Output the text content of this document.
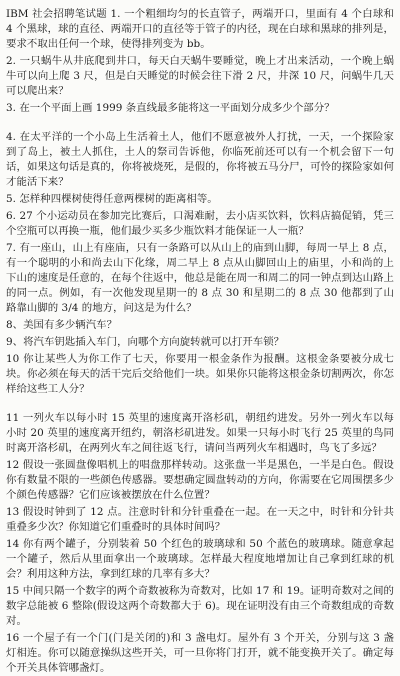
IBM 社会招聘笔试题 1. 一个粗细均匀的长直管子，两端开口，里面有 4 个白球和 4 个黑球，球的直径、两端开口的直径等于管子的内径，现在白球和黑球的排列是，要求不取出任何一个球，使得排列变为 bb。

2. 一只蜗牛从井底爬到井口，每天白天蜗牛要睡觉，晚上才出来活动，一个晚上蜗牛可以向上爬 3 尺，但是白天睡觉的时候会往下滑 2 尺，井深 10 尺，问蜗牛几天可以爬出来？

3. 在一个平面上画 1999 条直线最多能将这一平面划分成多少个部分？

4. 在太平洋的一个小岛上生活着土人，他们不愿意被外人打扰，一天，一个探险家到了岛上，被土人抓住，土人的祭司告诉他，你临死前还可以有一个机会留下一句话，如果这句话是真的，你将被烧死，是假的，你将被五马分尸，可怜的探险家如何才能活下来？

5. 怎样种四棵树使得任意两棵树的距离相等。

6. 27 个小运动员在参加完比赛后，口渴难耐，去小店买饮料，饮料店搞促销，凭三个空瓶可以再换一瓶，他们最少买多少瓶饮料才能保证一人一瓶？

7. 有一座山，山上有座庙，只有一条路可以从山上的庙到山脚，每周一早上 8 点，有一个聪明的小和尚去山下化缘，周二早上 8 点从山脚回山上的庙里，小和尚的上下山的速度是任意的，在每个往返中，他总是能在周一和周二的同一钟点到达山路上的同一点。例如，有一次他发现星期一的 8 点 30 和星期二的 8 点 30 他都到了山路靠山脚的 3/4 的地方，问这是为什么？

8、美国有多少辆汽车？

9、将汽车钥匙插入车门，向哪个方向旋转就可以打开车锁？

10 你让某些人为你工作了七天，你要用一根金条作为报酬。这根金条要被分成七块。你必须在每天的活干完后交给他们一块。如果你只能将这根金条切割两次，你怎样给这些工人分？

11 一列火车以每小时 15 英里的速度离开洛杉矶，朝纽约进发。另外一列火车以每小时 20 英里的速度离开纽约，朝洛杉矶进发。如果一只每小时飞行 25 英里的鸟同时离开洛杉矶，在两列火车之间往返飞行，请问当两列火车相遇时，鸟飞了多远？

12 假设一张圆盘像唱机上的唱盘那样转动。这张盘一半是黑色，一半是白色。假设你有数量不限的一些颜色传感器。要想确定圆盘转动的方向，你需要在它周围摆多少个颜色传感器？它们应该被摆放在什么位置？

13 假设时钟到了 12 点。注意时针和分针重叠在一起。在一天之中，时针和分针共重叠多少次？你知道它们重叠时的具体时间吗？

14 你有两个罐子，分别装着 50 个红色的玻璃球和 50 个蓝色的玻璃球。随意拿起一个罐子，然后从里面拿出一个玻璃球。怎样最大程度地增加让自己拿到红球的机会？利用这种方法，拿到红球的几率有多大？

15 中间只隔一个数字的两个奇数被称为奇数对，比如 17 和 19。证明奇数对之间的数字总能被 6 整除(假设这两个奇数都大于 6)。现在证明没有由三个奇数组成的奇数对。

16 一个屋子有一个门(门是关闭的)和 3 盏电灯。屋外有 3 个开关，分别与这 3 盏灯相连。你可以随意操纵这些开关，可一旦你将门打开，就不能变换开关了。确定每个开关具体管哪盏灯。
